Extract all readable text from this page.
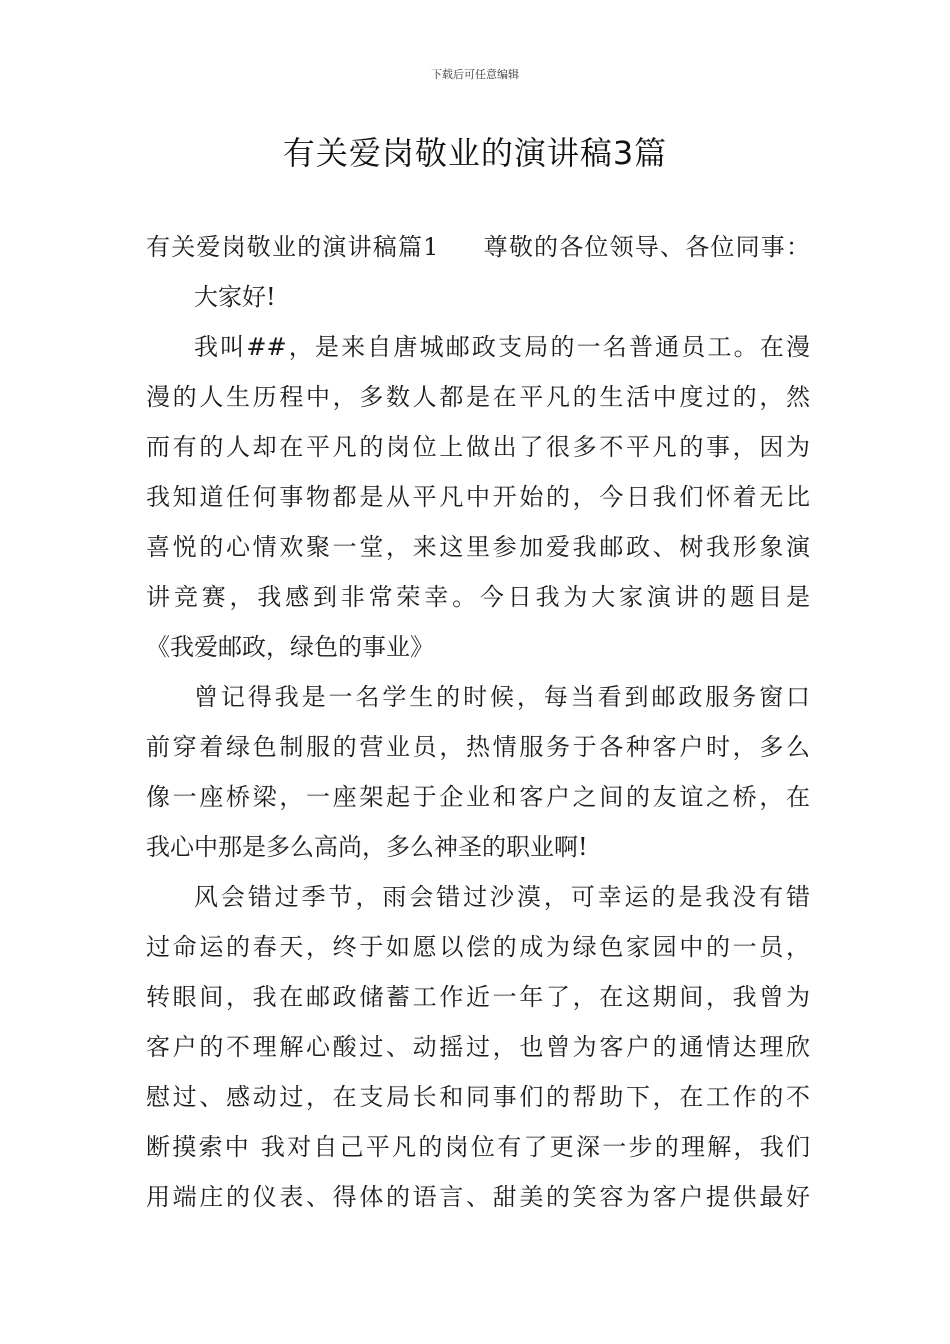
下载后可任意编辑
有关爱岗敬业的演讲稿3篇
有关爱岗敬业的演讲稿篇1 尊敬的各位领导、各位同事：
大家好!
我叫##，是来自唐城邮政支局的一名普通员工。在漫
漫的人生历程中，多数人都是在平凡的生活中度过的，然
而有的人却在平凡的岗位上做出了很多不平凡的事，因为
我知道任何事物都是从平凡中开始的，今日我们怀着无比
喜悦的心情欢聚一堂，来这里参加爱我邮政、树我形象演
讲竞赛，我感到非常荣幸。今日我为大家演讲的题目是
《我爱邮政，绿色的事业》
曾记得我是一名学生的时候，每当看到邮政服务窗口
前穿着绿色制服的营业员，热情服务于各种客户时，多么
像一座桥梁，一座架起于企业和客户之间的友谊之桥，在
我心中那是多么高尚，多么神圣的职业啊!
风会错过季节，雨会错过沙漠，可幸运的是我没有错
过命运的春天，终于如愿以偿的成为绿色家园中的一员，
转眼间，我在邮政储蓄工作近一年了，在这期间，我曾为
客户的不理解心酸过、动摇过，也曾为客户的通情达理欣
慰过、感动过，在支局长和同事们的帮助下，在工作的不
断摸索中 我对自己平凡的岗位有了更深一步的理解，我们
用端庄的仪表、得体的语言、甜美的笑容为客户提供最好
